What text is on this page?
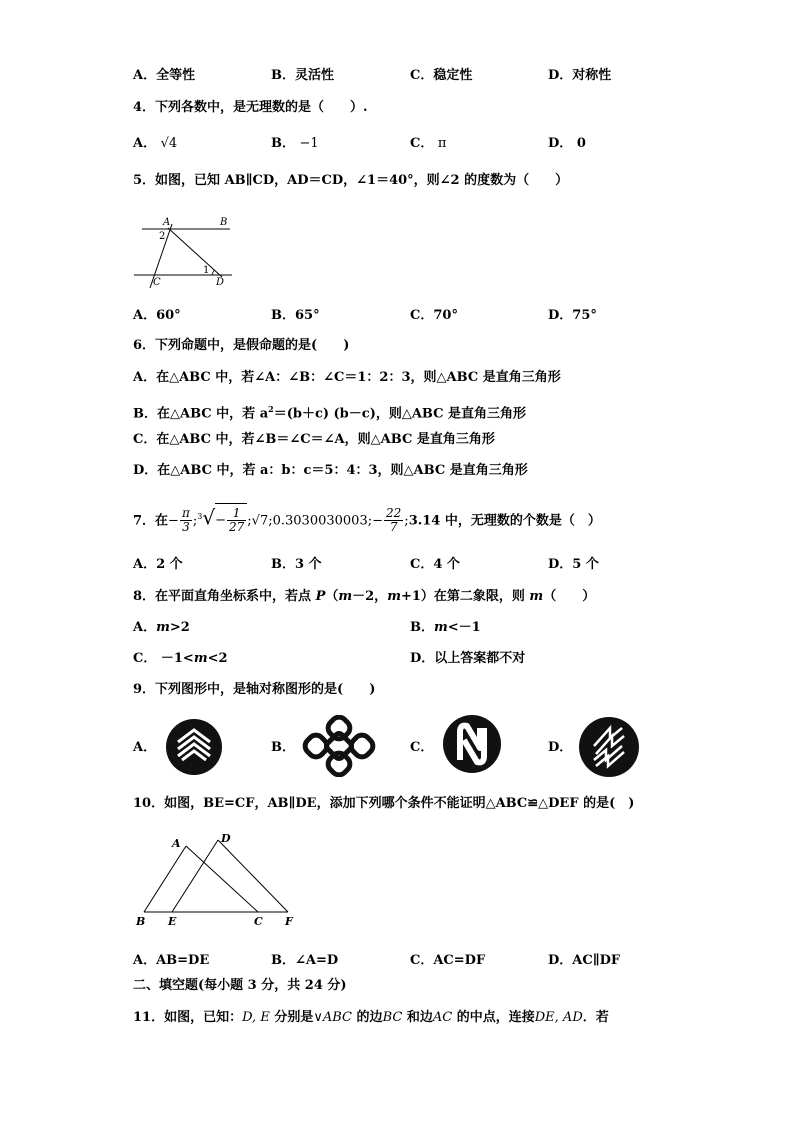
A．全等性	B．灵活性	C．稳定性	D．对称性
4．下列各数中，是无理数的是（　　）.
A． √4	B． −1	C． π	D． 0
5．如图，已知 AB∥CD，AD＝CD，∠1＝40°，则∠2 的度数为（　　）
A	B
2
1
C	D
A．60°	B．65°	C．70°	D．75°
6．下列命题中，是假命题的是(　　)
A．在△ABC 中，若∠A：∠B：∠C＝1：2：3，则△ABC 是直角三角形
B．在△ABC 中，若 $a^2=(b+c)$ (b－c)，则△ABC 是直角三角形
C．在△ABC 中，若∠B＝∠C＝∠A，则△ABC 是直角三角形
D．在△ABC 中，若 a：b：c＝5：4：3，则△ABC 是直角三角形
7．在− $\frac{\pi}{3}$ ;$^3$√− $\frac{1}{27}$ ;√7;0.3030030003;− $\frac{22}{7}$ ;3.14 中，无理数的个数是（　）
A．2 个	B．3 个	C．4 个	D．5 个
8．在平面直角坐标系中，若点 P（m－2，m+1）在第二象限，则 m（　　）
A．m>2	B．m<－1
C． －1<m<2	D．以上答案都不对
9．下列图形中，是轴对称图形的是(　　)
A．	B．	C．	D．
10．如图，BE=CF，AB∥DE，添加下列哪个条件不能证明△ABC≌△DEF 的是(　)
A	D
B E	C F
A．AB=DE	B．∠A=D	C．AC=DF	D．AC∥DF
二、填空题(每小题 3 分，共 24 分)
11．如图，已知：D, E 分别是∨ABC 的边BC 和边AC 的中点，连接DE, AD．若
